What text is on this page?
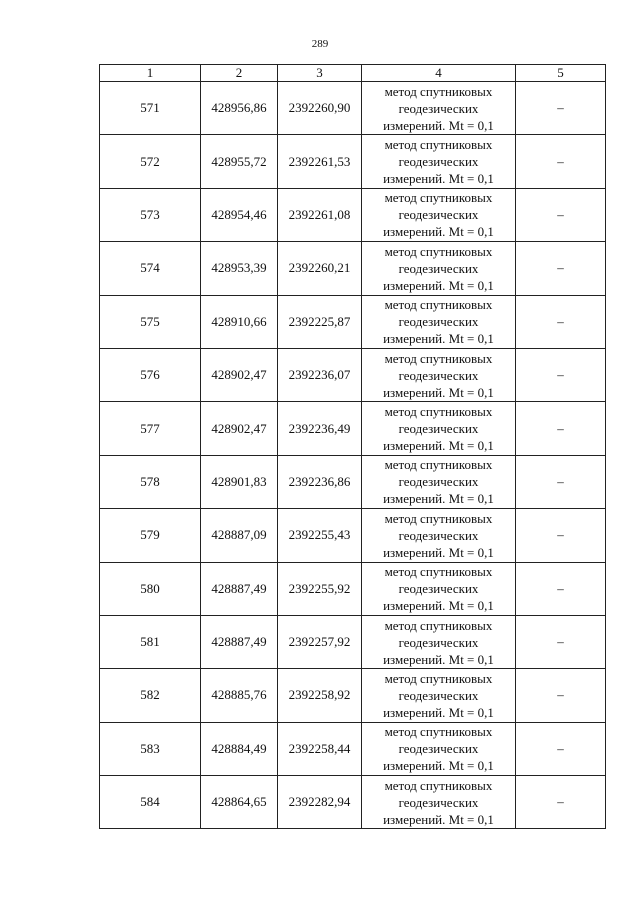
289
1	2	3	4	5
571	428956,86	2392260,90	метод спутниковых
геодезических
измерений. Mt = 0,1	–
572	428955,72	2392261,53	метод спутниковых
геодезических
измерений. Mt = 0,1	–
573	428954,46	2392261,08	метод спутниковых
геодезических
измерений. Mt = 0,1	–
574	428953,39	2392260,21	метод спутниковых
геодезических
измерений. Mt = 0,1	–
575	428910,66	2392225,87	метод спутниковых
геодезических
измерений. Mt = 0,1	–
576	428902,47	2392236,07	метод спутниковых
геодезических
измерений. Mt = 0,1	–
577	428902,47	2392236,49	метод спутниковых
геодезических
измерений. Mt = 0,1	–
578	428901,83	2392236,86	метод спутниковых
геодезических
измерений. Mt = 0,1	–
579	428887,09	2392255,43	метод спутниковых
геодезических
измерений. Mt = 0,1	–
580	428887,49	2392255,92	метод спутниковых
геодезических
измерений. Mt = 0,1	–
581	428887,49	2392257,92	метод спутниковых
геодезических
измерений. Mt = 0,1	–
582	428885,76	2392258,92	метод спутниковых
геодезических
измерений. Mt = 0,1	–
583	428884,49	2392258,44	метод спутниковых
геодезических
измерений. Mt = 0,1	–
584	428864,65	2392282,94	метод спутниковых
геодезических
измерений. Mt = 0,1	–
